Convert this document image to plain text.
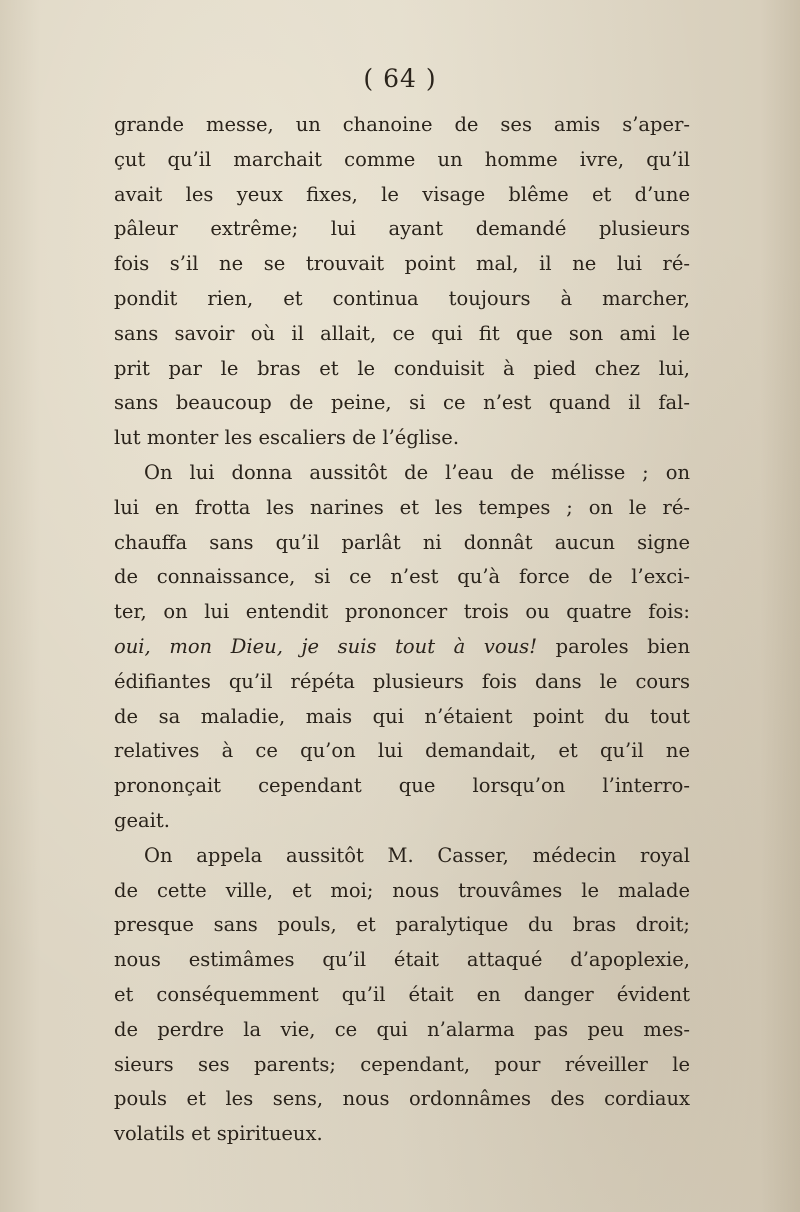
( 64 )
grande messe, un chanoine de ses amis s’aper-
çut qu’il marchait comme un homme ivre, qu’il
avait les yeux fixes, le visage blême et d’une
pâleur extrême; lui ayant demandé plusieurs
fois s’il ne se trouvait point mal, il ne lui ré-
pondit rien, et continua toujours à marcher,
sans savoir où il allait, ce qui fit que son ami le
prit par le bras et le conduisit à pied chez lui,
sans beaucoup de peine, si ce n’est quand il fal-
lut monter les escaliers de l’église.
On lui donna aussitôt de l’eau de mélisse ; on
lui en frotta les narines et les tempes ; on le ré-
chauffa sans qu’il parlât ni donnât aucun signe
de connaissance, si ce n’est qu’à force de l’exci-
ter, on lui entendit prononcer trois ou quatre fois:
oui, mon Dieu, je suis tout à vous! paroles bien
édifiantes qu’il répéta plusieurs fois dans le cours
de sa maladie, mais qui n’étaient point du tout
relatives à ce qu’on lui demandait, et qu’il ne
prononçait cependant que lorsqu’on l’interro-
geait.
On appela aussitôt M. Casser, médecin royal
de cette ville, et moi; nous trouvâmes le malade
presque sans pouls, et paralytique du bras droit;
nous estimâmes qu’il était attaqué d’apoplexie,
et conséquemment qu’il était en danger évident
de perdre la vie, ce qui n’alarma pas peu mes-
sieurs ses parents; cependant, pour réveiller le
pouls et les sens, nous ordonnâmes des cordiaux
volatils et spiritueux.
